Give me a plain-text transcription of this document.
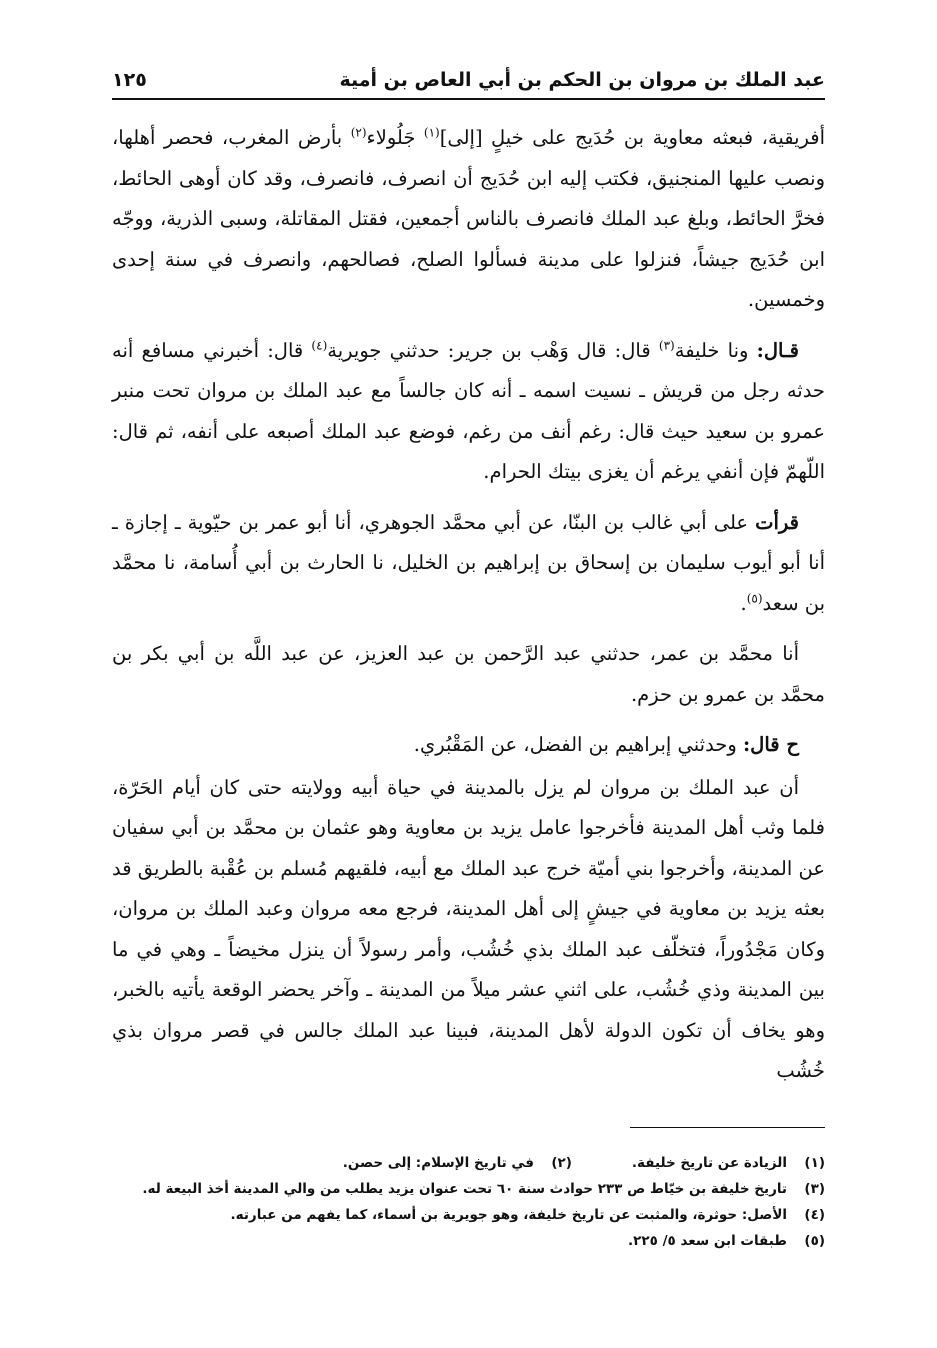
عبد الملك بن مروان بن الحكم بن أبي العاص بن أمية
١٢٥

أفريقية، فبعثه معاوية بن حُدَيج على خيلٍ [إلى]$^{(١)}$ جَلُولاء$^{(٢)}$ بأرض المغرب، فحصر أهلها، ونصب عليها المنجنيق، فكتب إليه ابن حُدَيج أن انصرف، فانصرف، وقد كان أوهى الحائط، فخرَّ الحائط، وبلغ عبد الملك فانصرف بالناس أجمعين، فقتل المقاتلة، وسبى الذرية، ووجّه ابن حُدَيج جيشاً، فنزلوا على مدينة فسألوا الصلح، فصالحهم، وانصرف في سنة إحدى وخمسين.

قـال: ونا خليفة$^{(٣)}$ قال: قال وَهْب بن جرير: حدثني جويرية$^{(٤)}$ قال: أخبرني مسافع أنه حدثه رجل من قريش ـ نسيت اسمه ـ أنه كان جالساً مع عبد الملك بن مروان تحت منبر عمرو بن سعيد حيث قال: رغم أنف من رغم، فوضع عبد الملك أصبعه على أنفه، ثم قال: اللّهمّ فإن أنفي يرغم أن يغزى بيتك الحرام.

قرأت على أبي غالب بن البنّا، عن أبي محمَّد الجوهري، أنا أبو عمر بن حيّوية ـ إجازة ـ أنا أبو أيوب سليمان بن إسحاق بن إبراهيم بن الخليل، نا الحارث بن أبي أُسامة، نا محمَّد بن سعد$^{(٥)}$.

أنا محمَّد بن عمر، حدثني عبد الرَّحمن بن عبد العزيز، عن عبد اللَّه بن أبي بكر بن محمَّد بن عمرو بن حزم.

ح قال: وحدثني إبراهيم بن الفضل، عن المَقْبُري.

أن عبد الملك بن مروان لم يزل بالمدينة في حياة أبيه وولايته حتى كان أيام الحَرّة، فلما وثب أهل المدينة فأخرجوا عامل يزيد بن معاوية وهو عثمان بن محمَّد بن أبي سفيان عن المدينة، وأخرجوا بني أميّة خرج عبد الملك مع أبيه، فلقيهم مُسلم بن عُقْبة بالطريق قد بعثه يزيد بن معاوية في جيشٍ إلى أهل المدينة، فرجع معه مروان وعبد الملك بن مروان، وكان مَجْدُوراً، فتخلّف عبد الملك بذي خُشُب، وأمر رسولاً أن ينزل مخيضاً ـ وهي في ما بين المدينة وذي خُشُب، على اثني عشر ميلاً من المدينة ـ وآخر يحضر الوقعة يأتيه بالخبر، وهو يخاف أن تكون الدولة لأهل المدينة، فبينا عبد الملك جالس في قصر مروان بذي خُشُب

(١)الزيادة عن تاريخ خليفة.(٢)في تاريخ الإسلام: إلى حصن.
(٣)تاريخ خليفة بن خيّاط ص ٢٣٣ حوادث سنة ٦٠ تحت عنوان يزيد يطلب من والي المدينة أخذ البيعة له.
(٤)الأصل: حوثرة، والمثبت عن تاريخ خليفة، وهو جويرية بن أسماء، كما يفهم من عبارته.
(٥)طبقات ابن سعد ٥/ ٢٢٥.
